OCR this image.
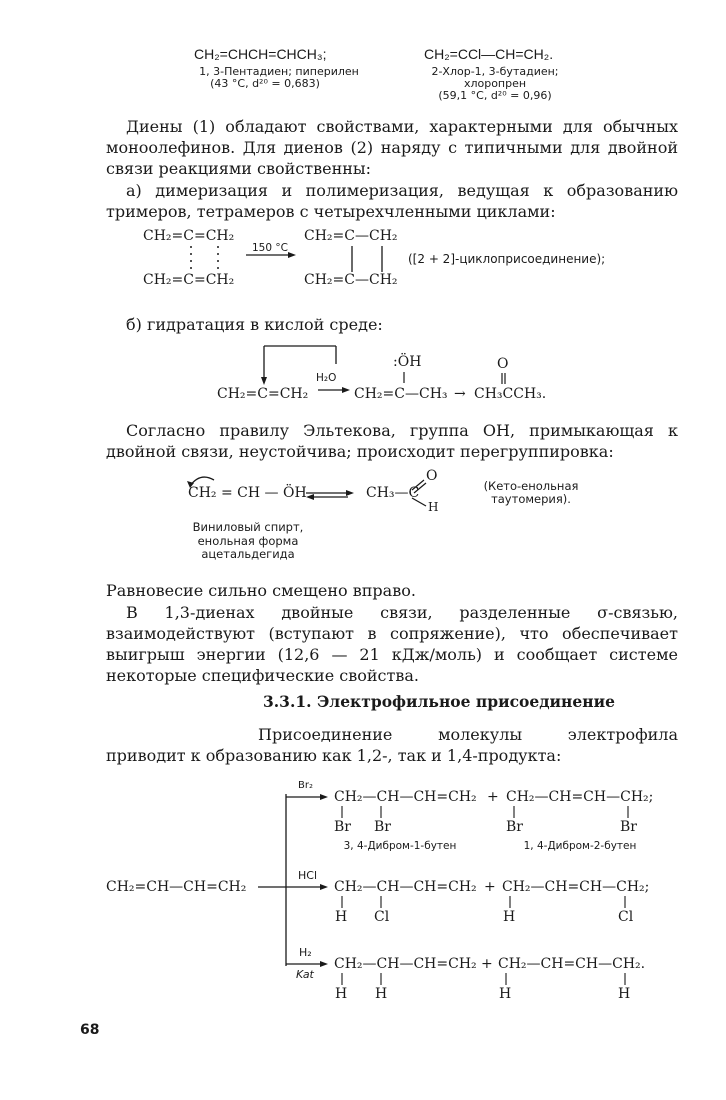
CH₂=CHCH=CHCH₃;
1, 3-Пентадиен; пиперилен
(43 °C, d²⁰ = 0,683)
CH₂=CCl—CH=CH₂.
2-Хлор-1, 3-бутадиен;
хлоропрен
(59,1 °C, d²⁰ = 0,96)
Диены (1) обладают свойствами, характерными для обычных моноолефинов. Для диенов (2) наряду с типичными для двойной связи реакциями свойственны:
а) димеризация и полимеризация, ведущая к образованию тримеров, тетрамеров с четырехчленными циклами:
CH₂=C=CH₂
CH₂=C=CH₂
150 °C
CH₂=C—CH₂
CH₂=C—CH₂
([2 + 2]-циклоприсоединение);
б) гидратация в кислой среде:
H₂O
CH₂=C=CH₂
:ÖH
CH₂=C—CH₃ →
O
CH₃CCH₃.
Согласно правилу Эльтекова, группа OH, примыкающая к двойной связи, неустойчива; происходит перегруппировка:
CH₂ = CH — ÖH	CH₃—C
O
H
(Кето-енольная
таутомерия).
Виниловый спирт,
енольная форма
ацетальдегида
Равновесие сильно смещено вправо.
В 1,3-диенах двойные связи, разделенные σ-связью, взаимодействуют (вступают в сопряжение), что обеспечивает выигрыш энергии (12,6 — 21 кДж/моль) и сообщает системе некоторые специфические свойства.
3.3.1. Электрофильное присоединение
Присоединение молекулы электрофила приводит к образованию как 1,2-, так и 1,4-продукта:
CH₂=CH—CH=CH₂
Br₂
CH₂—CH—CH=CH₂ + CH₂—CH=CH—CH₂;
Br Br	Br	Br
3, 4-Дибром-1-бутен	1, 4-Дибром-2-бутен
HCl
CH₂—CH—CH=CH₂ + CH₂—CH=CH—CH₂;
H Cl	H	Cl
H₂
Kat
CH₂—CH—CH=CH₂ + CH₂—CH=CH—CH₂.
H H	H	H
68
